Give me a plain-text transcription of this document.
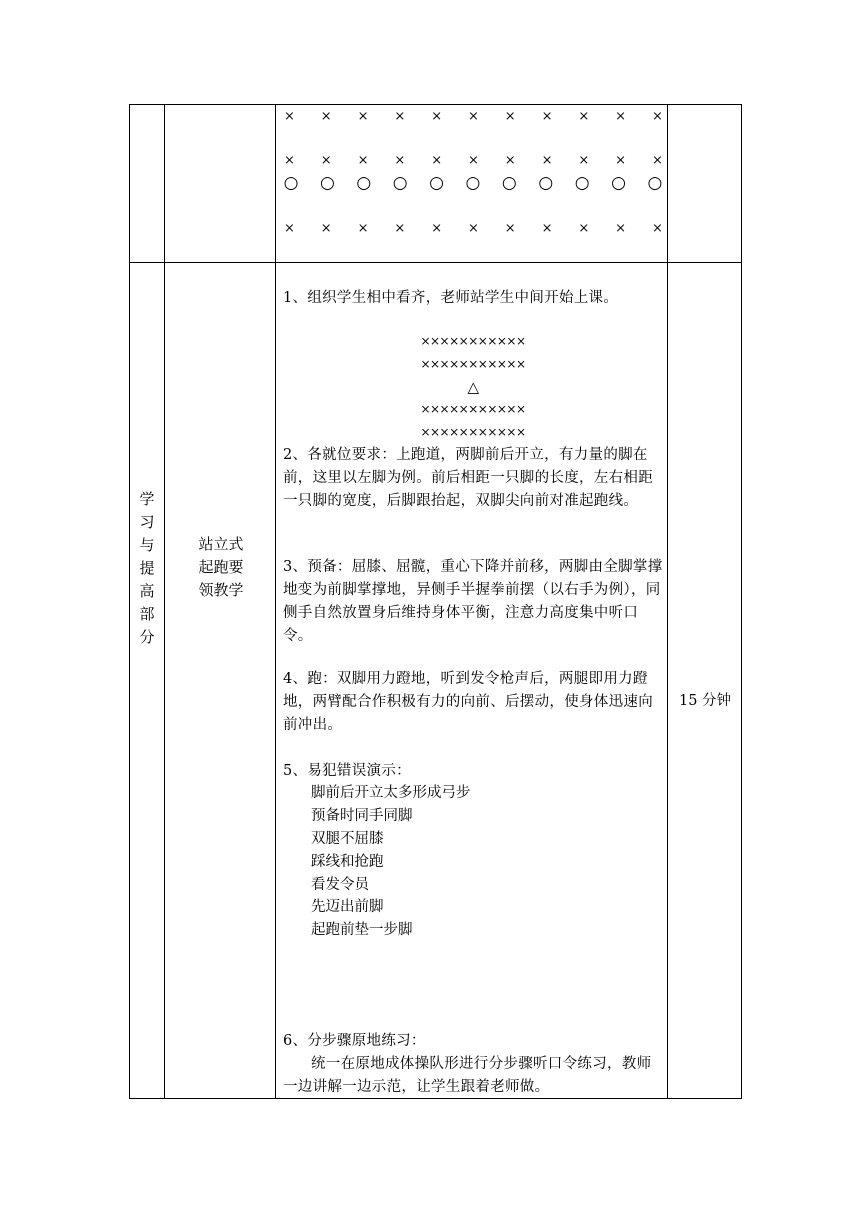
× × × × × × × × × × ×
× × × × × × × × × × ×
○ ○ ○ ○ ○ ○ ○ ○ ○ ○ ○
× × × × × × × × × × ×
学
习
与
提
高
部
分
站立式
起跑要
领教学
15 分钟

1、组织学生相中看齐，老师站学生中间开始上课。

×××××××××××

×××××××××××

△

×××××××××××

×××××××××××

2、各就位要求：上跑道，两脚前后开立，有力量的脚在前，这里以左脚为例。前后相距一只脚的长度，左右相距一只脚的宽度，后脚跟抬起，双脚尖向前对准起跑线。

3、预备：屈膝、屈髋，重心下降并前移，两脚由全脚掌撑地变为前脚掌撑地，异侧手半握拳前摆（以右手为例），同侧手自然放置身后维持身体平衡，注意力高度集中听口令。

4、跑：双脚用力蹬地，听到发令枪声后，两腿即用力蹬地，两臂配合作积极有力的向前、后摆动，使身体迅速向前冲出。

5、易犯错误演示：

脚前后开立太多形成弓步

预备时同手同脚

双腿不屈膝

踩线和抢跑

看发令员

先迈出前脚

起跑前垫一步脚

6、分步骤原地练习：

统一在原地成体操队形进行分步骤听口令练习，教师一边讲解一边示范，让学生跟着老师做。
